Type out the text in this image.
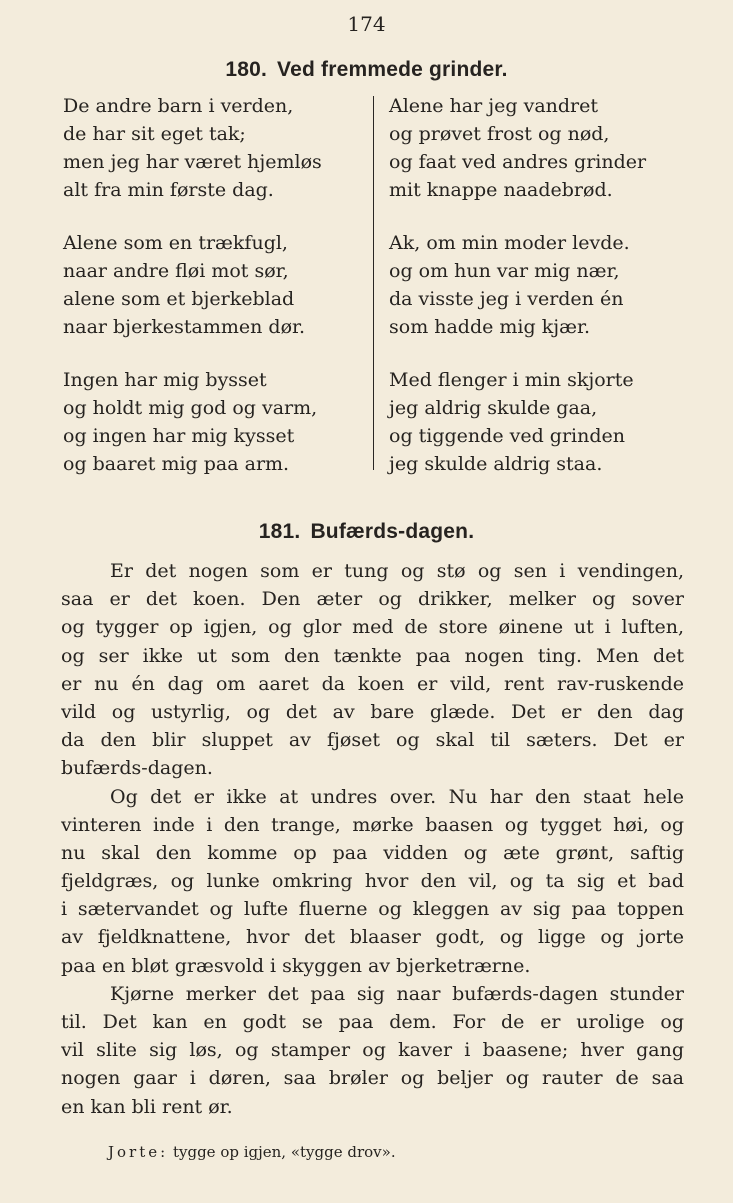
174
180. Ved fremmede grinder.
De andre barn i verden,
de har sit eget tak;
men jeg har været hjemløs
alt fra min første dag.
Alene som en trækfugl,
naar andre fløi mot sør,
alene som et bjerkeblad
naar bjerkestammen dør.
Ingen har mig bysset
og holdt mig god og varm,
og ingen har mig kysset
og baaret mig paa arm.
Alene har jeg vandret
og prøvet frost og nød,
og faat ved andres grinder
mit knappe naadebrød.
Ak, om min moder levde.
og om hun var mig nær,
da visste jeg i verden én
som hadde mig kjær.
Med flenger i min skjorte
jeg aldrig skulde gaa,
og tiggende ved grinden
jeg skulde aldrig staa.
181. Bufærds-dagen.
Er det nogen som er tung og stø og sen i vendingen,
saa er det koen. Den æter og drikker, melker og sover
og tygger op igjen, og glor med de store øinene ut i luften,
og ser ikke ut som den tænkte paa nogen ting. Men det
er nu én dag om aaret da koen er vild, rent rav-ruskende
vild og ustyrlig, og det av bare glæde. Det er den dag
da den blir sluppet av fjøset og skal til sæters. Det er
bufærds-dagen.
Og det er ikke at undres over. Nu har den staat hele
vinteren inde i den trange, mørke baasen og tygget høi, og
nu skal den komme op paa vidden og æte grønt, saftig
fjeldgræs, og lunke omkring hvor den vil, og ta sig et bad
i sætervandet og lufte fluerne og kleggen av sig paa toppen
av fjeldknattene, hvor det blaaser godt, og ligge og jorte
paa en bløt græsvold i skyggen av bjerketrærne.
Kjørne merker det paa sig naar bufærds-dagen stunder
til. Det kan en godt se paa dem. For de er urolige og
vil slite sig løs, og stamper og kaver i baasene; hver gang
nogen gaar i døren, saa brøler og beljer og rauter de saa
en kan bli rent ør.
Jorte: tygge op igjen, «tygge drov».
